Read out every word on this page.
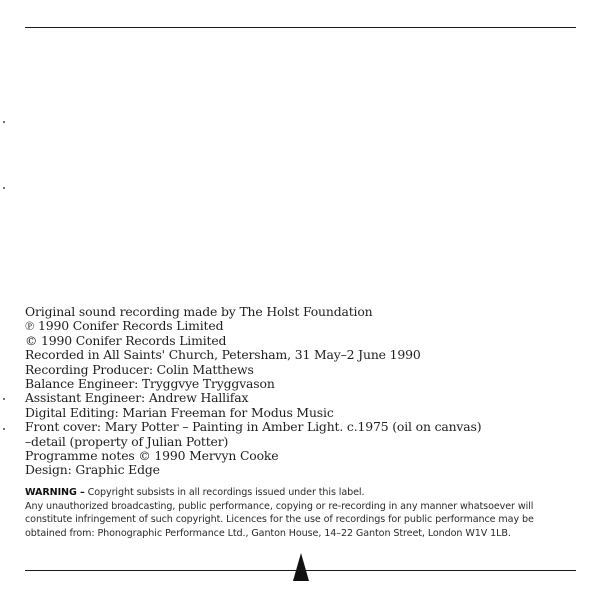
Original sound recording made by The Holst Foundation
℗ 1990 Conifer Records Limited
© 1990 Conifer Records Limited
Recorded in All Saints' Church, Petersham, 31 May–2 June 1990
Recording Producer: Colin Matthews
Balance Engineer: Tryggvye Tryggvason
Assistant Engineer: Andrew Hallifax
Digital Editing: Marian Freeman for Modus Music
Front cover: Mary Potter – Painting in Amber Light. c.1975 (oil on canvas)
–detail (property of Julian Potter)
Programme notes © 1990 Mervyn Cooke
Design: Graphic Edge
WARNING – Copyright subsists in all recordings issued under this label.
Any unauthorized broadcasting, public performance, copying or re-recording in any manner whatsoever will
constitute infringement of such copyright. Licences for the use of recordings for public performance may be
obtained from: Phonographic Performance Ltd., Ganton House, 14–22 Ganton Street, London W1V 1LB.
